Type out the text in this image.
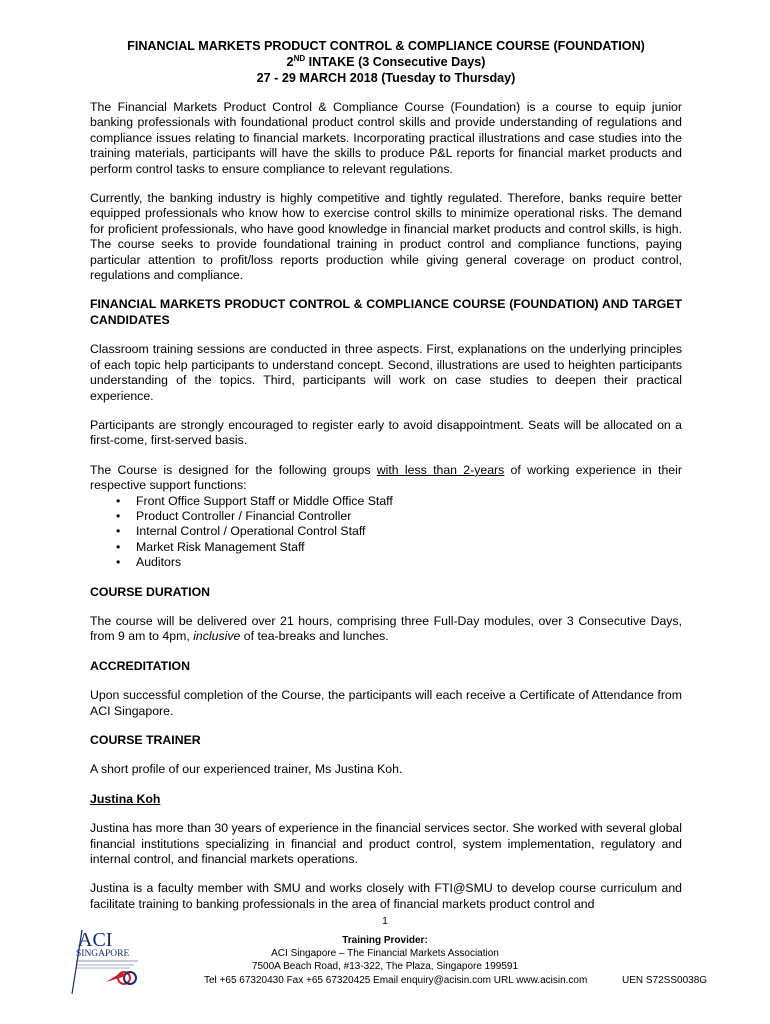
FINANCIAL MARKETS PRODUCT CONTROL & COMPLIANCE COURSE (FOUNDATION)
2ND INTAKE (3 Consecutive Days)
27 - 29 MARCH 2018 (Tuesday to Thursday)

The Financial Markets Product Control & Compliance Course (Foundation) is a course to equip junior banking professionals with foundational product control skills and provide understanding of regulations and compliance issues relating to financial markets. Incorporating practical illustrations and case studies into the training materials, participants will have the skills to produce P&L reports for financial market products and perform control tasks to ensure compliance to relevant regulations.

Currently, the banking industry is highly competitive and tightly regulated. Therefore, banks require better equipped professionals who know how to exercise control skills to minimize operational risks. The demand for proficient professionals, who have good knowledge in financial market products and control skills, is high. The course seeks to provide foundational training in product control and compliance functions, paying particular attention to profit/loss reports production while giving general coverage on product control, regulations and compliance.

FINANCIAL MARKETS PRODUCT CONTROL & COMPLIANCE COURSE (FOUNDATION) AND TARGET CANDIDATES

Classroom training sessions are conducted in three aspects. First, explanations on the underlying principles of each topic help participants to understand concept. Second, illustrations are used to heighten participants understanding of the topics. Third, participants will work on case studies to deepen their practical experience.

Participants are strongly encouraged to register early to avoid disappointment. Seats will be allocated on a first-come, first-served basis.

The Course is designed for the following groups with less than 2-years of working experience in their respective support functions:

• Front Office Support Staff or Middle Office Staff
• Product Controller / Financial Controller
• Internal Control / Operational Control Staff
• Market Risk Management Staff
• Auditors
COURSE DURATION

The course will be delivered over 21 hours, comprising three Full-Day modules, over 3 Consecutive Days, from 9 am to 4pm, inclusive of tea-breaks and lunches.

ACCREDITATION

Upon successful completion of the Course, the participants will each receive a Certificate of Attendance from ACI Singapore.

COURSE TRAINER

A short profile of our experienced trainer, Ms Justina Koh.

Justina Koh

Justina has more than 30 years of experience in the financial services sector. She worked with several global financial institutions specializing in financial and product control, system implementation, regulatory and internal control, and financial markets operations.

Justina is a faculty member with SMU and works closely with FTI@SMU to develop course curriculum and facilitate training to banking professionals in the area of financial markets product control and

1
ACI
SINGAPORE
Training Provider:
ACI Singapore – The Financial Markets Association
7500A Beach Road, #13-322, The Plaza, Singapore 199591
Tel +65 67320430 Fax +65 67320425 Email enquiry@acisin.com URL www.acisin.com	UEN S72SS0038G
